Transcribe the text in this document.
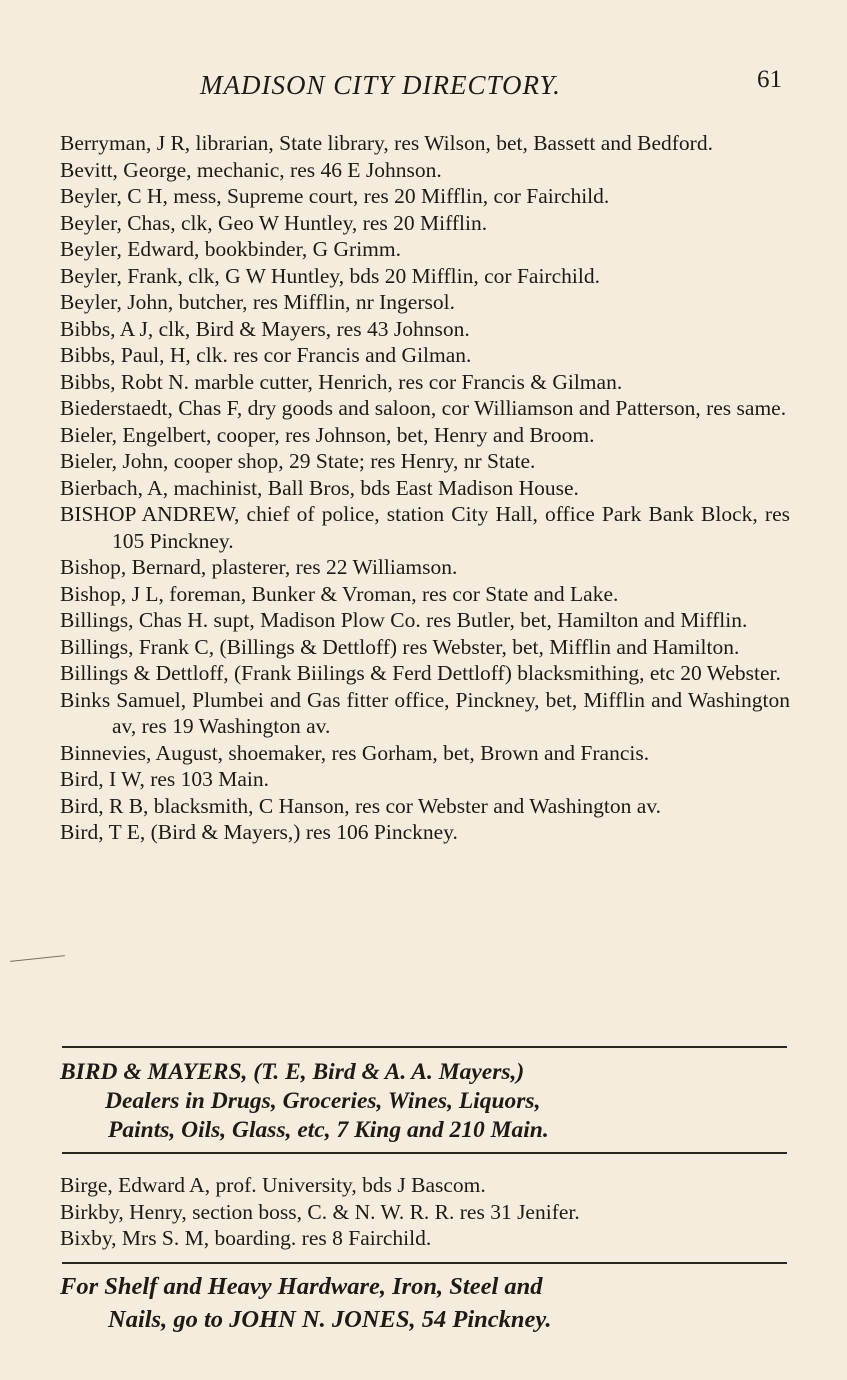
MADISON CITY DIRECTORY.	61
Berryman, J R, librarian, State library, res Wilson, bet, Bassett and Bedford.
Bevitt, George, mechanic, res 46 E Johnson.
Beyler, C H, mess, Supreme court, res 20 Mifflin, cor Fairchild.
Beyler, Chas, clk, Geo W Huntley, res 20 Mifflin.
Beyler, Edward, bookbinder, G Grimm.
Beyler, Frank, clk, G W Huntley, bds 20 Mifflin, cor Fairchild.
Beyler, John, butcher, res Mifflin, nr Ingersol.
Bibbs, A J, clk, Bird & Mayers, res 43 Johnson.
Bibbs, Paul, H, clk. res cor Francis and Gilman.
Bibbs, Robt N. marble cutter, Henrich, res cor Francis & Gilman.
Biederstaedt, Chas F, dry goods and saloon, cor Williamson and Patterson, res same.
Bieler, Engelbert, cooper, res Johnson, bet, Henry and Broom.
Bieler, John, cooper shop, 29 State; res Henry, nr State.
Bierbach, A, machinist, Ball Bros, bds East Madison House.
BISHOP ANDREW, chief of police, station City Hall, office Park Bank Block, res 105 Pinckney.
Bishop, Bernard, plasterer, res 22 Williamson.
Bishop, J L, foreman, Bunker & Vroman, res cor State and Lake.
Billings, Chas H. supt, Madison Plow Co. res Butler, bet, Hamilton and Mifflin.
Billings, Frank C, (Billings & Dettloff) res Webster, bet, Mifflin and Hamilton.
Billings & Dettloff, (Frank Biilings & Ferd Dettloff) blacksmithing, etc 20 Webster.
Binks Samuel, Plumbei and Gas fitter office, Pinckney, bet, Mifflin and Washington av, res 19 Washington av.
Binnevies, August, shoemaker, res Gorham, bet, Brown and Francis.
Bird, I W, res 103 Main.
Bird, R B, blacksmith, C Hanson, res cor Webster and Washington av.
Bird, T E, (Bird & Mayers,) res 106 Pinckney.
BIRD & MAYERS, (T. E, Bird & A. A. Mayers,)
Dealers in Drugs, Groceries, Wines, Liquors,
Paints, Oils, Glass, etc, 7 King and 210 Main.
Birge, Edward A, prof. University, bds J Bascom.
Birkby, Henry, section boss, C. & N. W. R. R. res 31 Jenifer.
Bixby, Mrs S. M, boarding. res 8 Fairchild.
For Shelf and Heavy Hardware, Iron, Steel and
Nails, go to JOHN N. JONES, 54 Pinckney.
